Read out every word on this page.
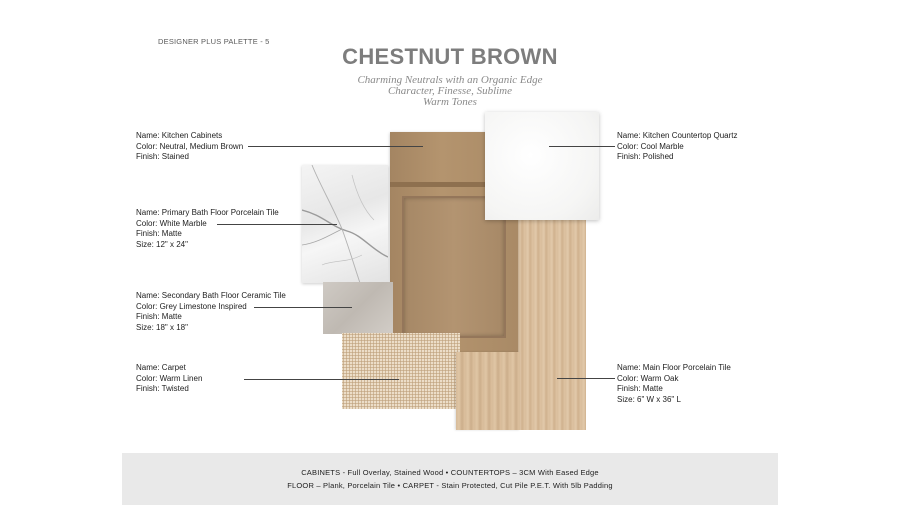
DESIGNER PLUS PALETTE - 5
CHESTNUT BROWN
Charming Neutrals with an Organic Edge
Character, Finesse, Sublime
Warm Tones
Name: Kitchen Cabinets
Color: Neutral, Medium Brown
Finish: Stained
Name: Kitchen Countertop Quartz
Color: Cool Marble
Finish: Polished
Name: Primary Bath Floor Porcelain Tile
Color: White Marble
Finish: Matte
Size: 12" x 24"
Name: Secondary Bath Floor Ceramic Tile
Color: Grey Limestone Inspired
Finish: Matte
Size: 18" x 18"
Name: Carpet
Color: Warm Linen
Finish: Twisted
Name: Main Floor Porcelain Tile
Color: Warm Oak
Finish: Matte
Size: 6" W x 36" L
CABINETS - Full Overlay, Stained Wood • COUNTERTOPS – 3CM With Eased Edge
FLOOR – Plank, Porcelain Tile • CARPET - Stain Protected, Cut Pile P.E.T. With 5lb Padding
